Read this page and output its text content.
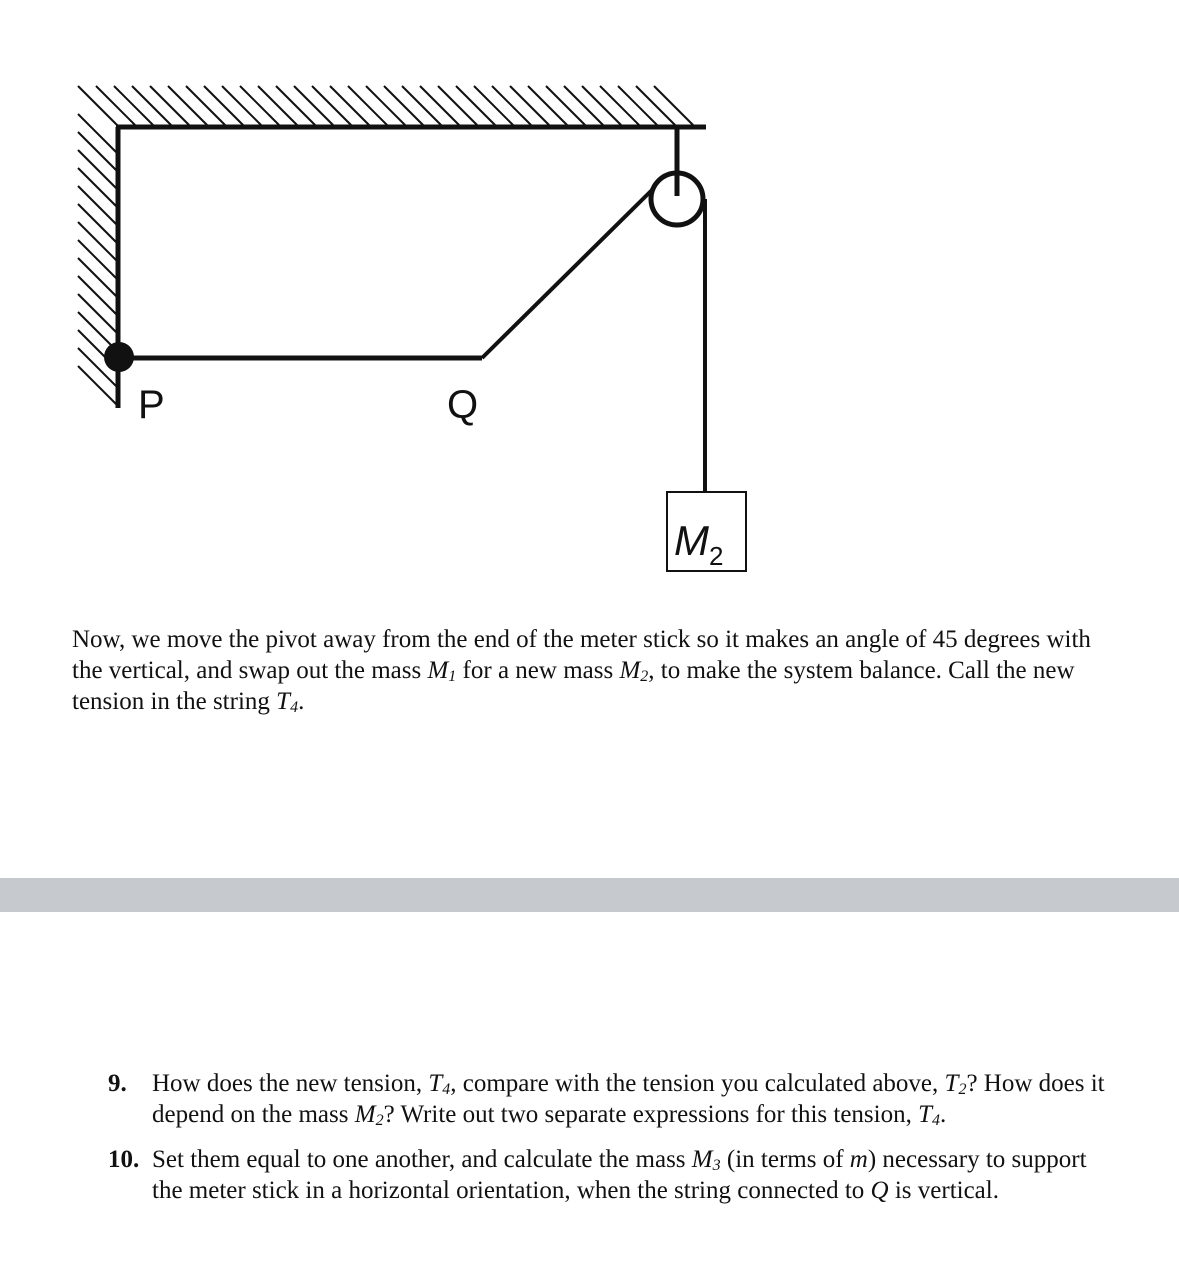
P	Q
$M_2$
Now, we move the pivot away from the end of the meter stick so it makes an angle of 45 degrees with the vertical, and swap out the mass $M_1$ for a new mass $M_2$, to make the system balance. Call the new tension in the string $T_4$.
9. How does the new tension, $T_4$, compare with the tension you calculated above, $T_2$? How does it depend on the mass $M_2$? Write out two separate expressions for this tension, $T_4$.
10. Set them equal to one another, and calculate the mass $M_3$ (in terms of m) necessary to support the meter stick in a horizontal orientation, when the string connected to Q is vertical.
